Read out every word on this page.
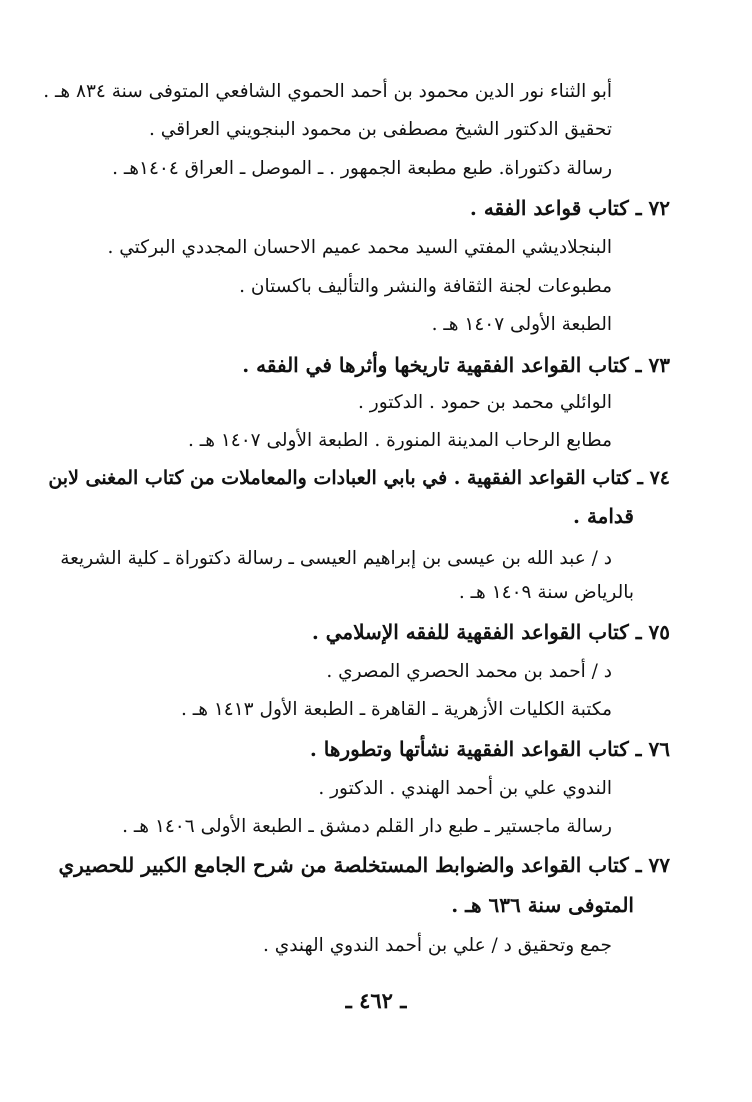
أبو الثناء نور الدين محمود بن أحمد الحموي الشافعي المتوفى سنة ٨٣٤ هـ .
تحقيق الدكتور الشيخ مصطفى بن محمود البنجويني العراقي .
رسالة دكتوراة. طبع مطبعة الجمهور . ـ الموصل ـ العراق ١٤٠٤هـ .
٧٢ ـ كتاب قواعد الفقه .
البنجلاديشي المفتي السيد محمد عميم الاحسان المجددي البركتي .
مطبوعات لجنة الثقافة والنشر والتأليف باكستان .
الطبعة الأولى ١٤٠٧ هـ .
٧٣ ـ كتاب القواعد الفقهية تاريخها وأثرها في الفقه .
الوائلي محمد بن حمود . الدكتور .
مطابع الرحاب المدينة المنورة . الطبعة الأولى ١٤٠٧ هـ .
٧٤ ـ كتاب القواعد الفقهية . في بابي العبادات والمعاملات من كتاب المغنى لابن
قدامة .
د / عبد الله بن عيسى بن إبراهيم العيسى ـ رسالة دكتوراة ـ كلية الشريعة
بالرياض سنة ١٤٠٩ هـ .
٧٥ ـ كتاب القواعد الفقهية للفقه الإسلامي .
د / أحمد بن محمد الحصري المصري .
مكتبة الكليات الأزهرية ـ القاهرة ـ الطبعة الأول ١٤١٣ هـ .
٧٦ ـ كتاب القواعد الفقهية نشأتها وتطورها .
الندوي علي بن أحمد الهندي . الدكتور .
رسالة ماجستير ـ طبع دار القلم دمشق ـ الطبعة الأولى ١٤٠٦ هـ .
٧٧ ـ كتاب القواعد والضوابط المستخلصة من شرح الجامع الكبير للحصيري
المتوفى سنة ٦٣٦ هـ .
جمع وتحقيق د / علي بن أحمد الندوي الهندي .
ـ ٤٦٢ ـ
